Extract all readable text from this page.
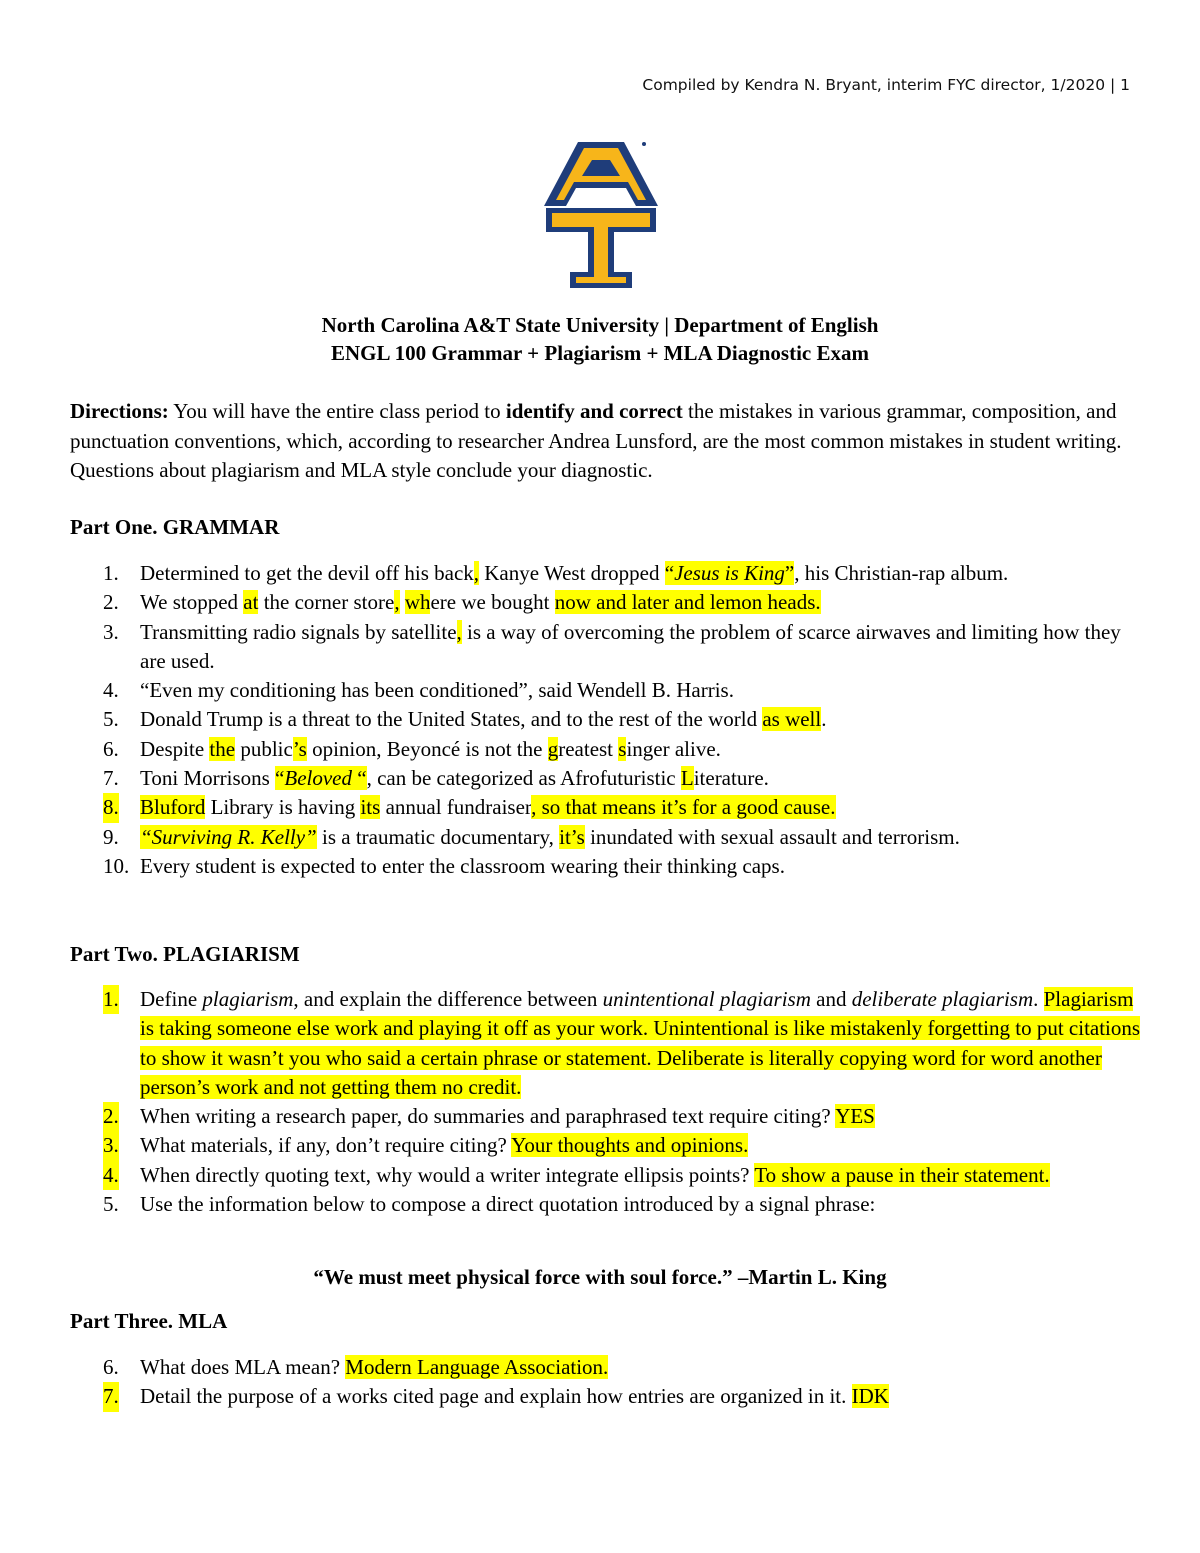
Compiled by Kendra N. Bryant, interim FYC director, 1/2020 | 1
North Carolina A&T State University | Department of English
ENGL 100 Grammar + Plagiarism + MLA Diagnostic Exam
Directions: You will have the entire class period to identify and correct the mistakes in various grammar, composition, and punctuation conventions, which, according to researcher Andrea Lunsford, are the most common mistakes in student writing. Questions about plagiarism and MLA style conclude your diagnostic.
Part One. GRAMMAR
1. Determined to get the devil off his back, Kanye West dropped “Jesus is King”, his Christian-rap album.
2. We stopped at the corner store, where we bought now and later and lemon heads.
3. Transmitting radio signals by satellite, is a way of overcoming the problem of scarce airwaves and limiting how they are used.
4. “Even my conditioning has been conditioned”, said Wendell B. Harris.
5. Donald Trump is a threat to the United States, and to the rest of the world as well.
6. Despite the public’s opinion, Beyoncé is not the greatest singer alive.
7. Toni Morrisons “Beloved “, can be categorized as Afrofuturistic Literature.
8. Bluford Library is having its annual fundraiser, so that means it’s for a good cause.
9. “Surviving R. Kelly” is a traumatic documentary, it’s inundated with sexual assault and terrorism.
10. Every student is expected to enter the classroom wearing their thinking caps.
Part Two. PLAGIARISM
1. Define plagiarism, and explain the difference between unintentional plagiarism and deliberate plagiarism. Plagiarism is taking someone else work and playing it off as your work. Unintentional is like mistakenly forgetting to put citations to show it wasn’t you who said a certain phrase or statement. Deliberate is literally copying word for word another person’s work and not getting them no credit.
2. When writing a research paper, do summaries and paraphrased text require citing? YES
3. What materials, if any, don’t require citing? Your thoughts and opinions.
4. When directly quoting text, why would a writer integrate ellipsis points? To show a pause in their statement.
5. Use the information below to compose a direct quotation introduced by a signal phrase:
“We must meet physical force with soul force.” –Martin L. King
Part Three. MLA
6. What does MLA mean? Modern Language Association.
7. Detail the purpose of a works cited page and explain how entries are organized in it. IDK
